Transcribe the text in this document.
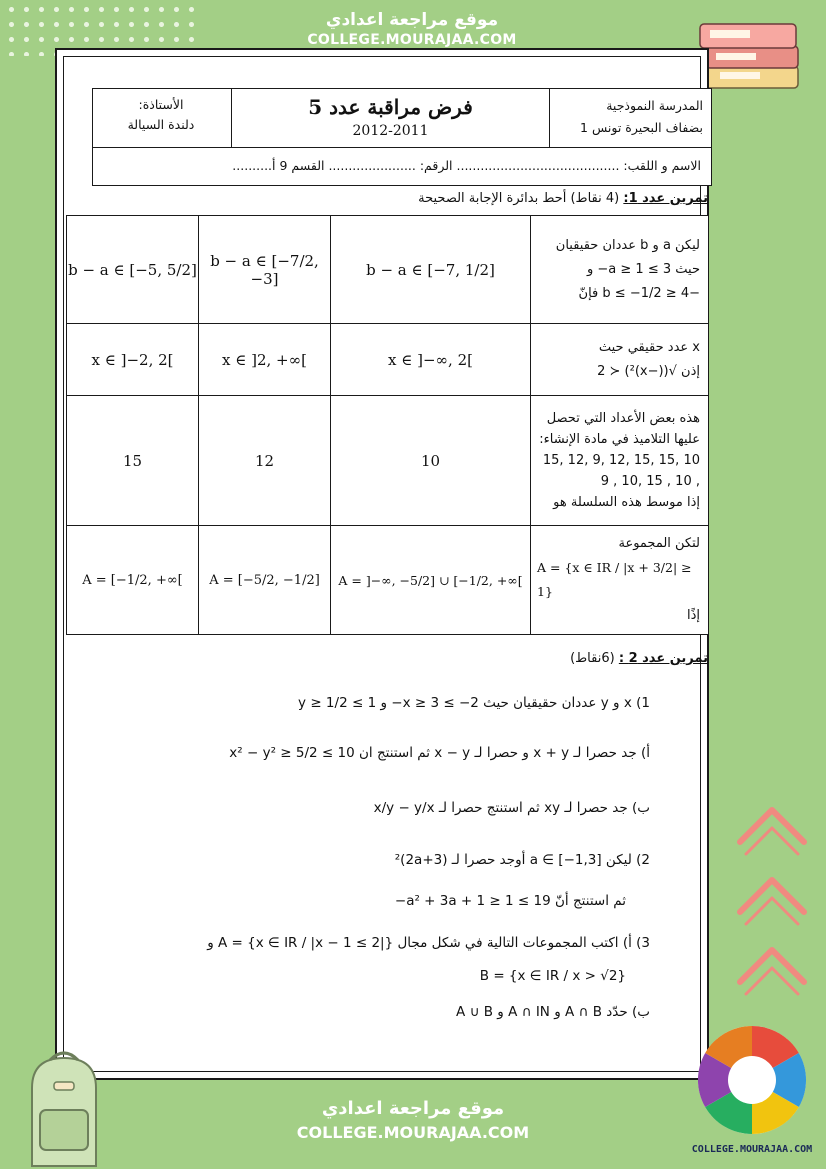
موقع مراجعة اعدادي
COLLEGE.MOURAJAA.COM
المدرسة النموذجية
بضفاف البحيرة تونس 1
فرض مراقبة عدد 5
2012-2011
الأستاذة:
دلندة السيالة
الاسم و اللقب: ......................................... الرقم: ...................... القسم 9 أ..........
تمرين عدد 1: (4 نقاط) أحط بدائرة الإجابة الصحيحة
b − a ∈ [−5, 5/2]	b − a ∈ [−7/2, −3]	b − a ∈ [−7, 1/2]	ليكن a و b عددان حقيقيان
حيث 3 ≥ a ≥ 1− و
−4 ≤ b ≤ −1/2 فإنّ

x ∈ ]−2, 2[	x ∈ ]2, +∞[	x ∈ ]−∞, 2[	x عدد حقيقي حيث
إذن √((−x)²) ≺ 2

15	12	10	هذه بعض الأعداد التي تحصل
عليها التلاميذ في مادة الإنشاء:
15, 12, 9, 12, 15, 15, 10
9 , 10, 15 , 10 ,
إذا موسط هذه السلسلة هو

A = [−1/2, +∞[	A = [−5/2, −1/2]	A = ]−∞, −5/2] ∪ [−1/2, +∞[	لتكن المجموعة
A = {x ∈ IR / |x + 3/2| ≥ 1}
إذًا
تمرين عدد 2 : (6نقاط)
1) x و y عددان حقيقيان حيث 2− ≥ x ≥ 3− و 1 ≥ y ≥ 1/2
أ) جد حصرا لـ x + y و حصرا لـ x − y ثم استنتج ان 10 ≥ x² − y² ≥ 5/2
ب) جد حصرا لـ xy ثم استنتج حصرا لـ x/y − y/x
2) ليكن a ∈ [−1,3] أوجد حصرا لـ (2a+3)²
ثم استنتج أنّ 19 ≥ a² + 3a + 1 ≥ 1−
3) أ) اكتب المجموعات التالية في شكل مجال A = {x ∈ IR / |x − 1 ≤ 2|} و
B = {x ∈ IR / x > √2}
ب) حدّد A ∩ B و A ∩ IN و A ∪ B
موقع مراجعة اعدادي
COLLEGE.MOURAJAA.COM
COLLEGE.MOURAJAA.COM
